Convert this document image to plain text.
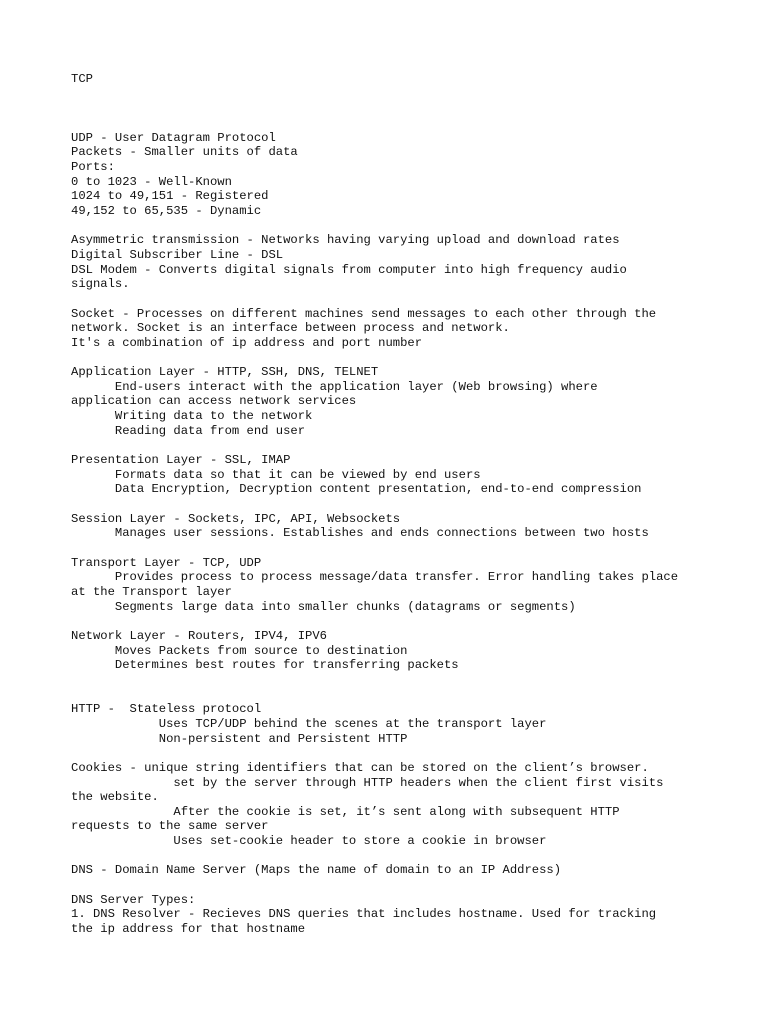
TCP
UDP - User Datagram Protocol
Packets - Smaller units of data
Ports:
0 to 1023 - Well-Known
1024 to 49,151 - Registered
49,152 to 65,535 - Dynamic
Asymmetric transmission - Networks having varying upload and download rates
Digital Subscriber Line - DSL
DSL Modem - Converts digital signals from computer into high frequency audio
signals.
Socket - Processes on different machines send messages to each other through the
network. Socket is an interface between process and network.
It's a combination of ip address and port number
Application Layer - HTTP, SSH, DNS, TELNET
End-users interact with the application layer (Web browsing) where
application can access network services
Writing data to the network
Reading data from end user
Presentation Layer - SSL, IMAP
Formats data so that it can be viewed by end users
Data Encryption, Decryption content presentation, end-to-end compression
Session Layer - Sockets, IPC, API, Websockets
Manages user sessions. Establishes and ends connections between two hosts
Transport Layer - TCP, UDP
Provides process to process message/data transfer. Error handling takes place
at the Transport layer
Segments large data into smaller chunks (datagrams or segments)
Network Layer - Routers, IPV4, IPV6
Moves Packets from source to destination
Determines best routes for transferring packets
HTTP -  Stateless protocol
Uses TCP/UDP behind the scenes at the transport layer
Non-persistent and Persistent HTTP
Cookies - unique string identifiers that can be stored on the client’s browser.
set by the server through HTTP headers when the client first visits
the website.
After the cookie is set, it’s sent along with subsequent HTTP
requests to the same server
Uses set-cookie header to store a cookie in browser
DNS - Domain Name Server (Maps the name of domain to an IP Address)
DNS Server Types:
1. DNS Resolver - Recieves DNS queries that includes hostname. Used for tracking
the ip address for that hostname
